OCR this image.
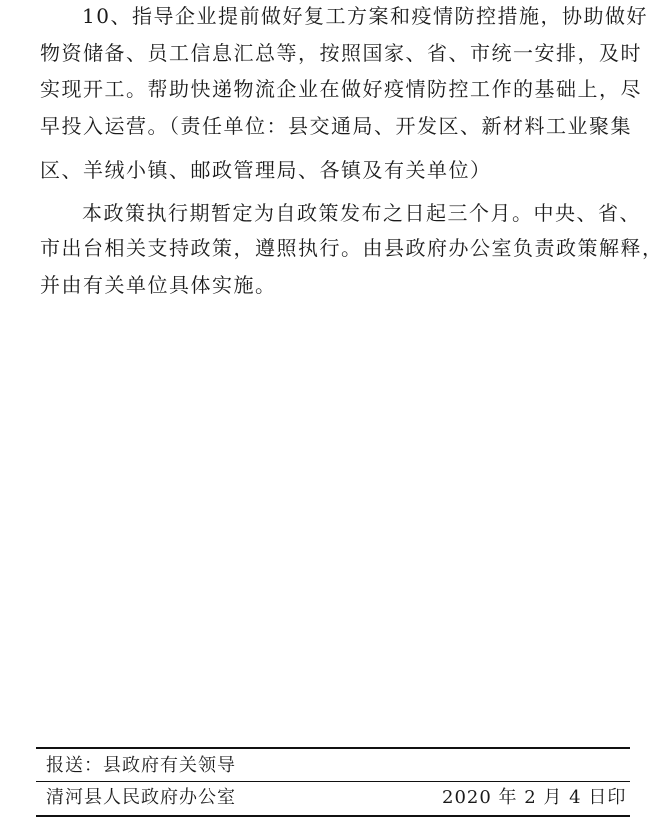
10、指导企业提前做好复工方案和疫情防控措施，协助做好
物资储备、员工信息汇总等，按照国家、省、市统一安排，及时
实现开工。帮助快递物流企业在做好疫情防控工作的基础上，尽
早投入运营。（责任单位：县交通局、开发区、新材料工业聚集
区、羊绒小镇、邮政管理局、各镇及有关单位）
本政策执行期暂定为自政策发布之日起三个月。中央、省、
市出台相关支持政策，遵照执行。由县政府办公室负责政策解释，
并由有关单位具体实施。
报送：县政府有关领导
清河县人民政府办公室	2020 年 2 月 4 日印
